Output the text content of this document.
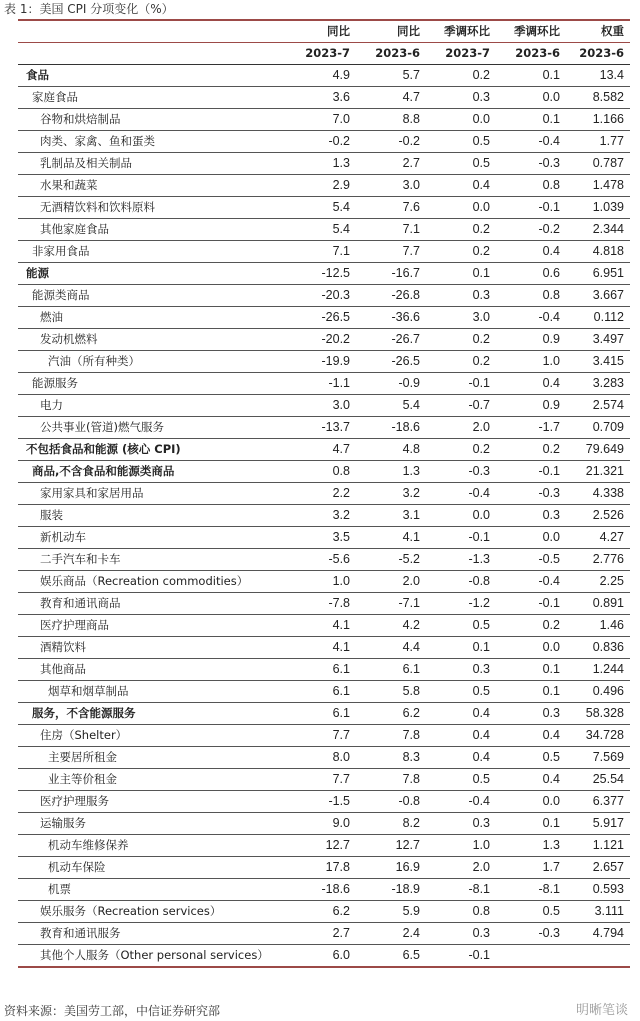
表 1：美国 CPI 分项变化（%）
	同比	同比	季调环比	季调环比	权重
	2023-7	2023-6	2023-7	2023-6	2023-6
食品	4.9	5.7	0.2	0.1	13.4
家庭食品	3.6	4.7	0.3	0.0	8.582
谷物和烘焙制品	7.0	8.8	0.0	0.1	1.166
肉类、家禽、鱼和蛋类	-0.2	-0.2	0.5	-0.4	1.77
乳制品及相关制品	1.3	2.7	0.5	-0.3	0.787
水果和蔬菜	2.9	3.0	0.4	0.8	1.478
无酒精饮料和饮料原料	5.4	7.6	0.0	-0.1	1.039
其他家庭食品	5.4	7.1	0.2	-0.2	2.344
非家用食品	7.1	7.7	0.2	0.4	4.818
能源	-12.5	-16.7	0.1	0.6	6.951
能源类商品	-20.3	-26.8	0.3	0.8	3.667
燃油	-26.5	-36.6	3.0	-0.4	0.112
发动机燃料	-20.2	-26.7	0.2	0.9	3.497
汽油（所有种类）	-19.9	-26.5	0.2	1.0	3.415
能源服务	-1.1	-0.9	-0.1	0.4	3.283
电力	3.0	5.4	-0.7	0.9	2.574
公共事业(管道)燃气服务	-13.7	-18.6	2.0	-1.7	0.709
不包括食品和能源 (核心 CPI)	4.7	4.8	0.2	0.2	79.649
商品,不含食品和能源类商品	0.8	1.3	-0.3	-0.1	21.321
家用家具和家居用品	2.2	3.2	-0.4	-0.3	4.338
服装	3.2	3.1	0.0	0.3	2.526
新机动车	3.5	4.1	-0.1	0.0	4.27
二手汽车和卡车	-5.6	-5.2	-1.3	-0.5	2.776
娱乐商品（Recreation commodities）	1.0	2.0	-0.8	-0.4	2.25
教育和通讯商品	-7.8	-7.1	-1.2	-0.1	0.891
医疗护理商品	4.1	4.2	0.5	0.2	1.46
酒精饮料	4.1	4.4	0.1	0.0	0.836
其他商品	6.1	6.1	0.3	0.1	1.244
烟草和烟草制品	6.1	5.8	0.5	0.1	0.496
服务，不含能源服务	6.1	6.2	0.4	0.3	58.328
住房（Shelter）	7.7	7.8	0.4	0.4	34.728
主要居所租金	8.0	8.3	0.4	0.5	7.569
业主等价租金	7.7	7.8	0.5	0.4	25.54
医疗护理服务	-1.5	-0.8	-0.4	0.0	6.377
运输服务	9.0	8.2	0.3	0.1	5.917
机动车维修保养	12.7	12.7	1.0	1.3	1.121
机动车保险	17.8	16.9	2.0	1.7	2.657
机票	-18.6	-18.9	-8.1	-8.1	0.593
娱乐服务（Recreation services）	6.2	5.9	0.8	0.5	3.111
教育和通讯服务	2.7	2.4	0.3	-0.3	4.794
其他个人服务（Other personal services）	6.0	6.5	-0.1		
明晰笔谈
资料来源：美国劳工部，中信证券研究部
